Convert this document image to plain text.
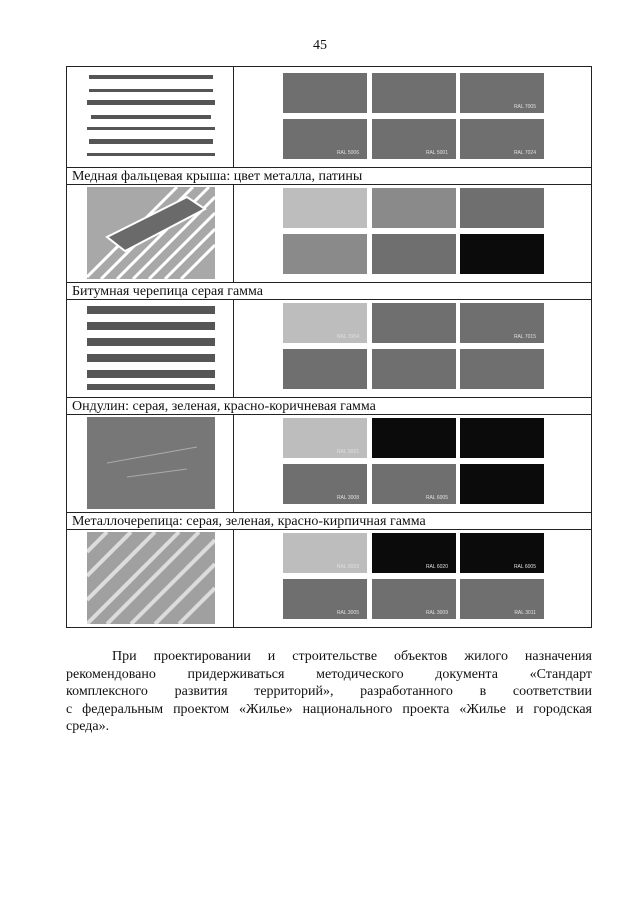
45
RAL 7005
RAL 5006	RAL 5001	RAL 7024
Медная фальцевая крыша: цвет металла, патины
Битумная черепица серая гамма
RAL 7004	RAL 7015
Ондулин: серая, зеленая, красно-коричневая гамма
RAL 9021
RAL 3008	RAL 6005
Металлочерепица: серая, зеленая, красно-кирпичная гамма
RAL 9023	RAL 6020	RAL 6005
RAL 3005	RAL 3009	RAL 3011
При проектировании и строительстве объектов жилого назначения
рекомендовано придерживаться методического документа «Стандарт
комплексного развития территорий», разработанного в соответствии
с федеральным проектом «Жилье» национального проекта «Жилье и городская
среда».
